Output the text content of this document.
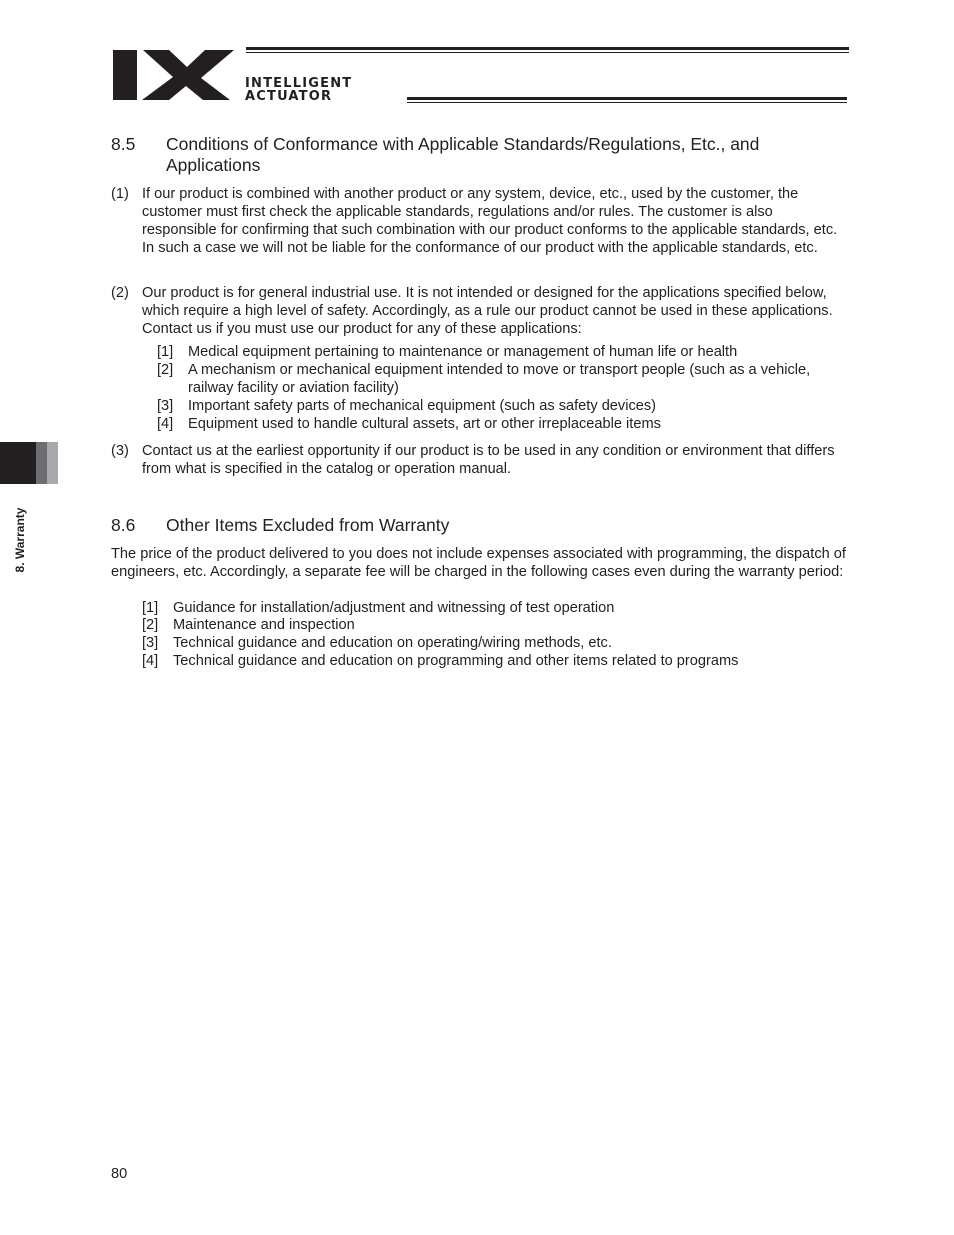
INTELLIGENT
ACTUATOR
8. Warranty
8.5 Conditions of Conformance with Applicable Standards/Regulations, Etc., and Applications
(1) If our product is combined with another product or any system, device, etc., used by the customer, the customer must first check the applicable standards, regulations and/or rules. The customer is also responsible for confirming that such combination with our product conforms to the applicable standards, etc. In such a case we will not be liable for the conformance of our product with the applicable standards, etc.
(2) Our product is for general industrial use. It is not intended or designed for the applications specified below, which require a high level of safety. Accordingly, as a rule our product cannot be used in these applications. Contact us if you must use our product for any of these applications:
[1] Medical equipment pertaining to maintenance or management of human life or health
[2] A mechanism or mechanical equipment intended to move or transport people (such as a vehicle, railway facility or aviation facility)
[3] Important safety parts of mechanical equipment (such as safety devices)
[4] Equipment used to handle cultural assets, art or other irreplaceable items
(3) Contact us at the earliest opportunity if our product is to be used in any condition or environment that differs from what is specified in the catalog or operation manual.
8.6 Other Items Excluded from Warranty
The price of the product delivered to you does not include expenses associated with programming, the dispatch of engineers, etc. Accordingly, a separate fee will be charged in the following cases even during the warranty period:
[1] Guidance for installation/adjustment and witnessing of test operation
[2] Maintenance and inspection
[3] Technical guidance and education on operating/wiring methods, etc.
[4] Technical guidance and education on programming and other items related to programs
80
